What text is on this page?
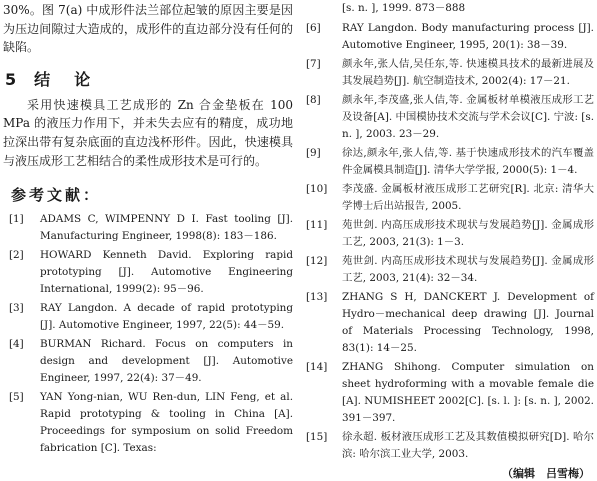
30%。图 7(a) 中成形件法兰部位起皱的原因主要是因为压边间隙过大造成的，成形件的直边部分没有任何的缺陷。

5 结　论

采用快速模具工艺成形的 Zn 合金垫板在 100 MPa 的液压力作用下，并未失去应有的精度，成功地拉深出带有复杂底面的直边浅杯形件。因此，快速模具与液压成形工艺相结合的柔性成形技术是可行的。

参考文献：
[1] ADAMS C, WIMPENNY D I. Fast tooling [J]. Manufacturing Engineer, 1998(8): 183－186.
[2] HOWARD Kenneth David. Exploring rapid prototyping [J]. Automotive Engineering International, 1999(2): 95－96.
[3] RAY Langdon. A decade of rapid prototyping [J]. Automotive Engineer, 1997, 22(5): 44－59.
[4] BURMAN Richard. Focus on computers in design and development [J]. Automotive Engineer, 1997, 22(4): 37－49.
[5] YAN Yong-nian, WU Ren-dun, LIN Feng, et al. Rapid prototyping & tooling in China [A]. Proceedings for symposium on solid Freedom fabrication [C]. Texas:
[s. n. ], 1999. 873－888
[6] RAY Langdon. Body manufacturing process [J]. Automotive Engineer, 1995, 20(1): 38－39.
[7] 颜永年,张人佶,吴任东,等. 快速模具技术的最新进展及其发展趋势[J]. 航空制造技术, 2002(4): 17－21.
[8] 颜永年,李茂盛,张人佶,等. 金属板材单模液压成形工艺及设备[A]. 中国模协技术交流与学术会议[C]. 宁波: [s. n. ], 2003. 23－29.
[9] 徐达,颜永年,张人佶,等. 基于快速成形技术的汽车覆盖件金属模具制造[J]. 清华大学学报, 2000(5): 1－4.
[10] 李茂盛. 金属板材液压成形工艺研究[R]. 北京: 清华大学博士后出站报告, 2005.
[11] 苑世剑. 内高压成形技术现状与发展趋势[J]. 金属成形工艺, 2003, 21(3): 1－3.
[12] 苑世剑. 内高压成形技术现状与发展趋势[J]. 金属成形工艺, 2003, 21(4): 32－34.
[13] ZHANG S H, DANCKERT J. Development of Hydro－mechanical deep drawing [J]. Journal of Materials Processing Technology, 1998, 83(1): 14－25.
[14] ZHANG Shihong. Computer simulation on sheet hydroforming with a movable female die [A]. NUMISHEET 2002[C]. [s. l. ]: [s. n. ], 2002. 391－397.
[15] 徐永超. 板材液压成形工艺及其数值模拟研究[D]. 哈尔滨: 哈尔滨工业大学, 2003.
（编辑　吕雪梅）
